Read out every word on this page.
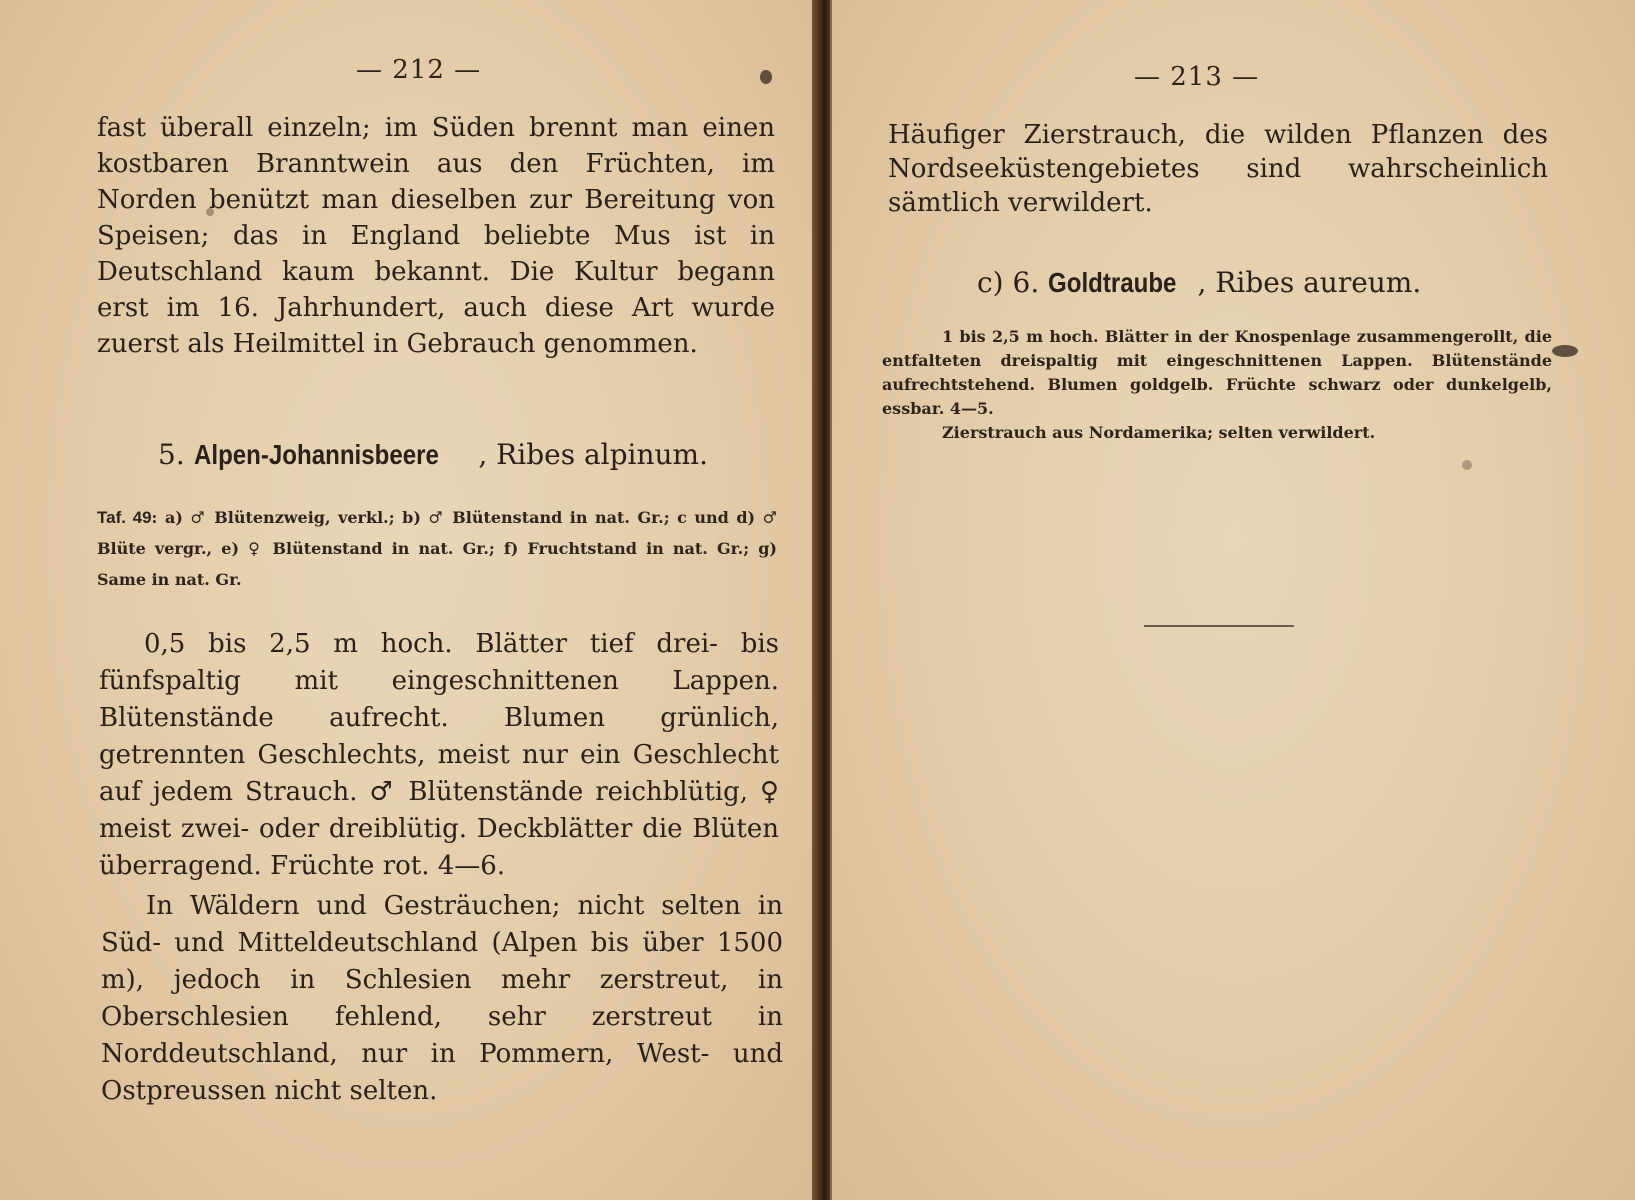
— 212 —

fast überall einzeln; im Süden brennt man einen kostbaren Branntwein aus den Früchten, im Norden benützt man dieselben zur Bereitung von Speisen; das in England beliebte Mus ist in Deutschland kaum bekannt. Die Kultur begann erst im 16. Jahrhundert, auch diese Art wurde zuerst als Heilmittel in Gebrauch genommen.

5. Alpen-Johannisbeere , Ribes alpinum.
Taf. 49: a) ♂ Blütenzweig, verkl.; b) ♂ Blütenstand in nat. Gr.; c und d) ♂ Blüte vergr., e) ♀ Blütenstand in nat. Gr.; f) Fruchtstand in nat. Gr.; g) Same in nat. Gr.

0,5 bis 2,5 m hoch. Blätter tief drei- bis fünfspaltig mit eingeschnittenen Lappen. Blütenstände aufrecht. Blumen grünlich, getrennten Geschlechts, meist nur ein Geschlecht auf jedem Strauch. ♂ Blütenstände reichblütig, ♀ meist zwei- oder dreiblütig. Deckblätter die Blüten überragend. Früchte rot. 4—6.

In Wäldern und Gesträuchen; nicht selten in Süd- und Mitteldeutschland (Alpen bis über 1500 m), jedoch in Schlesien mehr zerstreut, in Oberschlesien fehlend, sehr zerstreut in Norddeutschland, nur in Pommern, West- und Ostpreussen nicht selten.

— 213 —

Häufiger Zierstrauch, die wilden Pflanzen des Nordseeküstengebietes sind wahrscheinlich sämtlich verwildert.

c) 6. Goldtraube , Ribes aureum.

1 bis 2,5 m hoch. Blätter in der Knospenlage zusammengerollt, die entfalteten dreispaltig mit eingeschnittenen Lappen. Blütenstände aufrechtstehend. Blumen goldgelb. Früchte schwarz oder dunkelgelb, essbar. 4—5.

Zierstrauch aus Nordamerika; selten verwildert.
